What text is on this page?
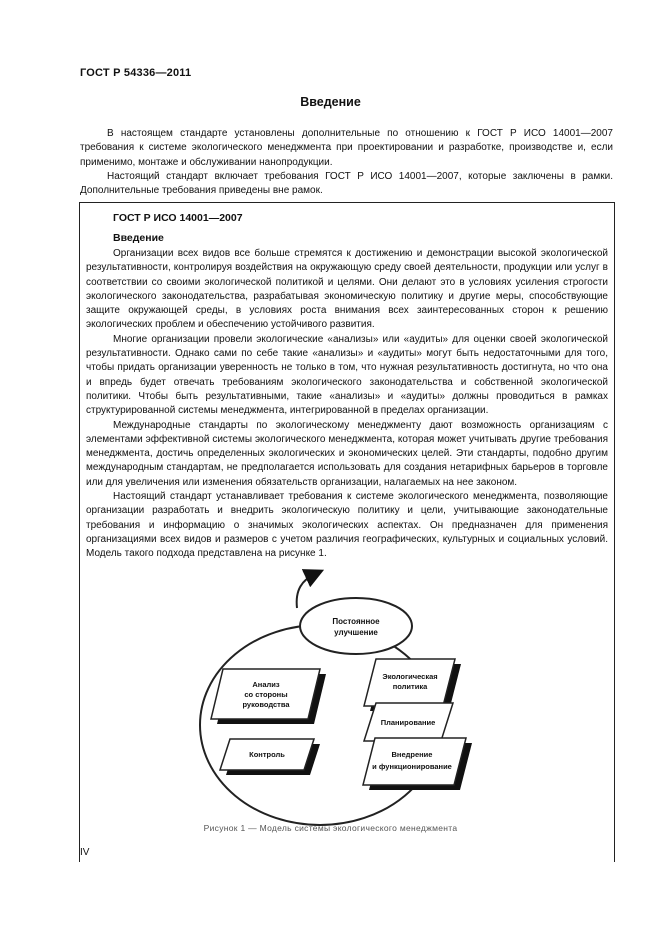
ГОСТ Р 54336—2011
Введение

В настоящем стандарте установлены дополнительные по отношению к ГОСТ Р ИСО 14001—2007 требования к системе экологического менеджмента при проектировании и разработке, производстве и, если применимо, монтаже и обслуживании нанопродукции.

Настоящий стандарт включает требования ГОСТ Р ИСО 14001—2007, которые заключены в рамки. Дополнительные требования приведены вне рамок.

ГОСТ Р ИСО 14001—2007
Введение

Организации всех видов все больше стремятся к достижению и демонстрации высокой экологической результативности, контролируя воздействия на окружающую среду своей деятельности, продукции или услуг в соответствии со своими экологической политикой и целями. Они делают это в условиях усиления строгости экологического законодательства, разрабатывая экономическую политику и другие меры, способствующие защите окружающей среды, в условиях роста внимания всех заинтересованных сторон к решению экологических проблем и обеспечению устойчивого развития.

Многие организации провели экологические «анализы» или «аудиты» для оценки своей экологической результативности. Однако сами по себе такие «анализы» и «аудиты» могут быть недостаточными для того, чтобы придать организации уверенность не только в том, что нужная результативность достигнута, но что она и впредь будет отвечать требованиям экологического законодательства и собственной экологической политики. Чтобы быть результативными, такие «анализы» и «аудиты» должны проводиться в рамках структурированной системы менеджмента, интегрированной в пределах организации.

Международные стандарты по экологическому менеджменту дают возможность организациям с элементами эффективной системы экологического менеджмента, которая может учитывать другие требования менеджмента, достичь определенных экологических и экономических целей. Эти стандарты, подобно другим международным стандартам, не предполагается использовать для создания нетарифных барьеров в торговле или для увеличения или изменения обязательств организации, налагаемых на нее законом.

Настоящий стандарт устанавливает требования к системе экологического менеджмента, позволяющие организации разработать и внедрить экологическую политику и цели, учитывающие законодательные требования и информацию о значимых экологических аспектах. Он предназначен для применения организациями всех видов и размеров с учетом различия географических, культурных и социальных условий. Модель такого подхода представлена на рисунке 1.

Постоянное
улучшение
Экологическая
политика
Планирование
Внедрение
и функционирование
Контроль
Анализ
со стороны
руководства
Рисунок 1 — Модель системы экологического менеджмента
IV
